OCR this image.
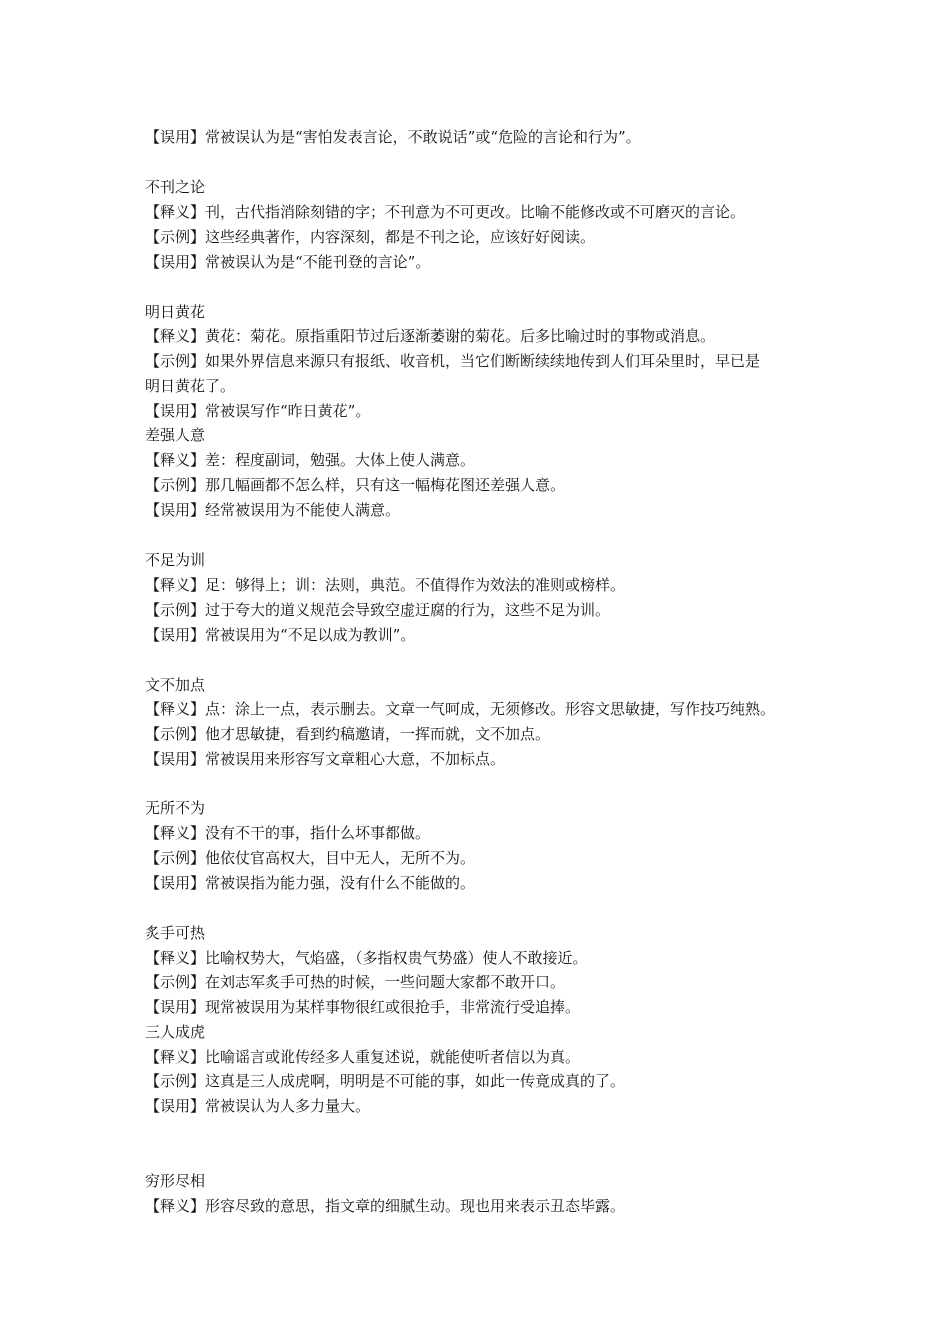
【误用】常被误认为是“害怕发表言论，不敢说话”或“危险的言论和行为”。
不刊之论
【释义】刊，古代指消除刻错的字；不刊意为不可更改。比喻不能修改或不可磨灭的言论。
【示例】这些经典著作，内容深刻，都是不刊之论，应该好好阅读。
【误用】常被误认为是“不能刊登的言论”。
明日黄花
【释义】黄花：菊花。原指重阳节过后逐渐萎谢的菊花。后多比喻过时的事物或消息。
【示例】如果外界信息来源只有报纸、收音机，当它们断断续续地传到人们耳朵里时，早已是
明日黄花了。
【误用】常被误写作“昨日黄花”。
差强人意
【释义】差：程度副词，勉强。大体上使人满意。
【示例】那几幅画都不怎么样，只有这一幅梅花图还差强人意。
【误用】经常被误用为不能使人满意。
不足为训
【释义】足：够得上；训：法则，典范。不值得作为效法的准则或榜样。
【示例】过于夸大的道义规范会导致空虚迂腐的行为，这些不足为训。
【误用】常被误用为“不足以成为教训”。
文不加点
【释义】点：涂上一点，表示删去。文章一气呵成，无须修改。形容文思敏捷，写作技巧纯熟。
【示例】他才思敏捷，看到约稿邀请，一挥而就，文不加点。
【误用】常被误用来形容写文章粗心大意，不加标点。
无所不为
【释义】没有不干的事，指什么坏事都做。
【示例】他依仗官高权大，目中无人，无所不为。
【误用】常被误指为能力强，没有什么不能做的。
炙手可热
【释义】比喻权势大，气焰盛，（多指权贵气势盛）使人不敢接近。
【示例】在刘志军炙手可热的时候，一些问题大家都不敢开口。
【误用】现常被误用为某样事物很红或很抢手，非常流行受追捧。
三人成虎
【释义】比喻谣言或讹传经多人重复述说，就能使听者信以为真。
【示例】这真是三人成虎啊，明明是不可能的事，如此一传竟成真的了。
【误用】常被误认为人多力量大。
穷形尽相
【释义】形容尽致的意思，指文章的细腻生动。现也用来表示丑态毕露。
